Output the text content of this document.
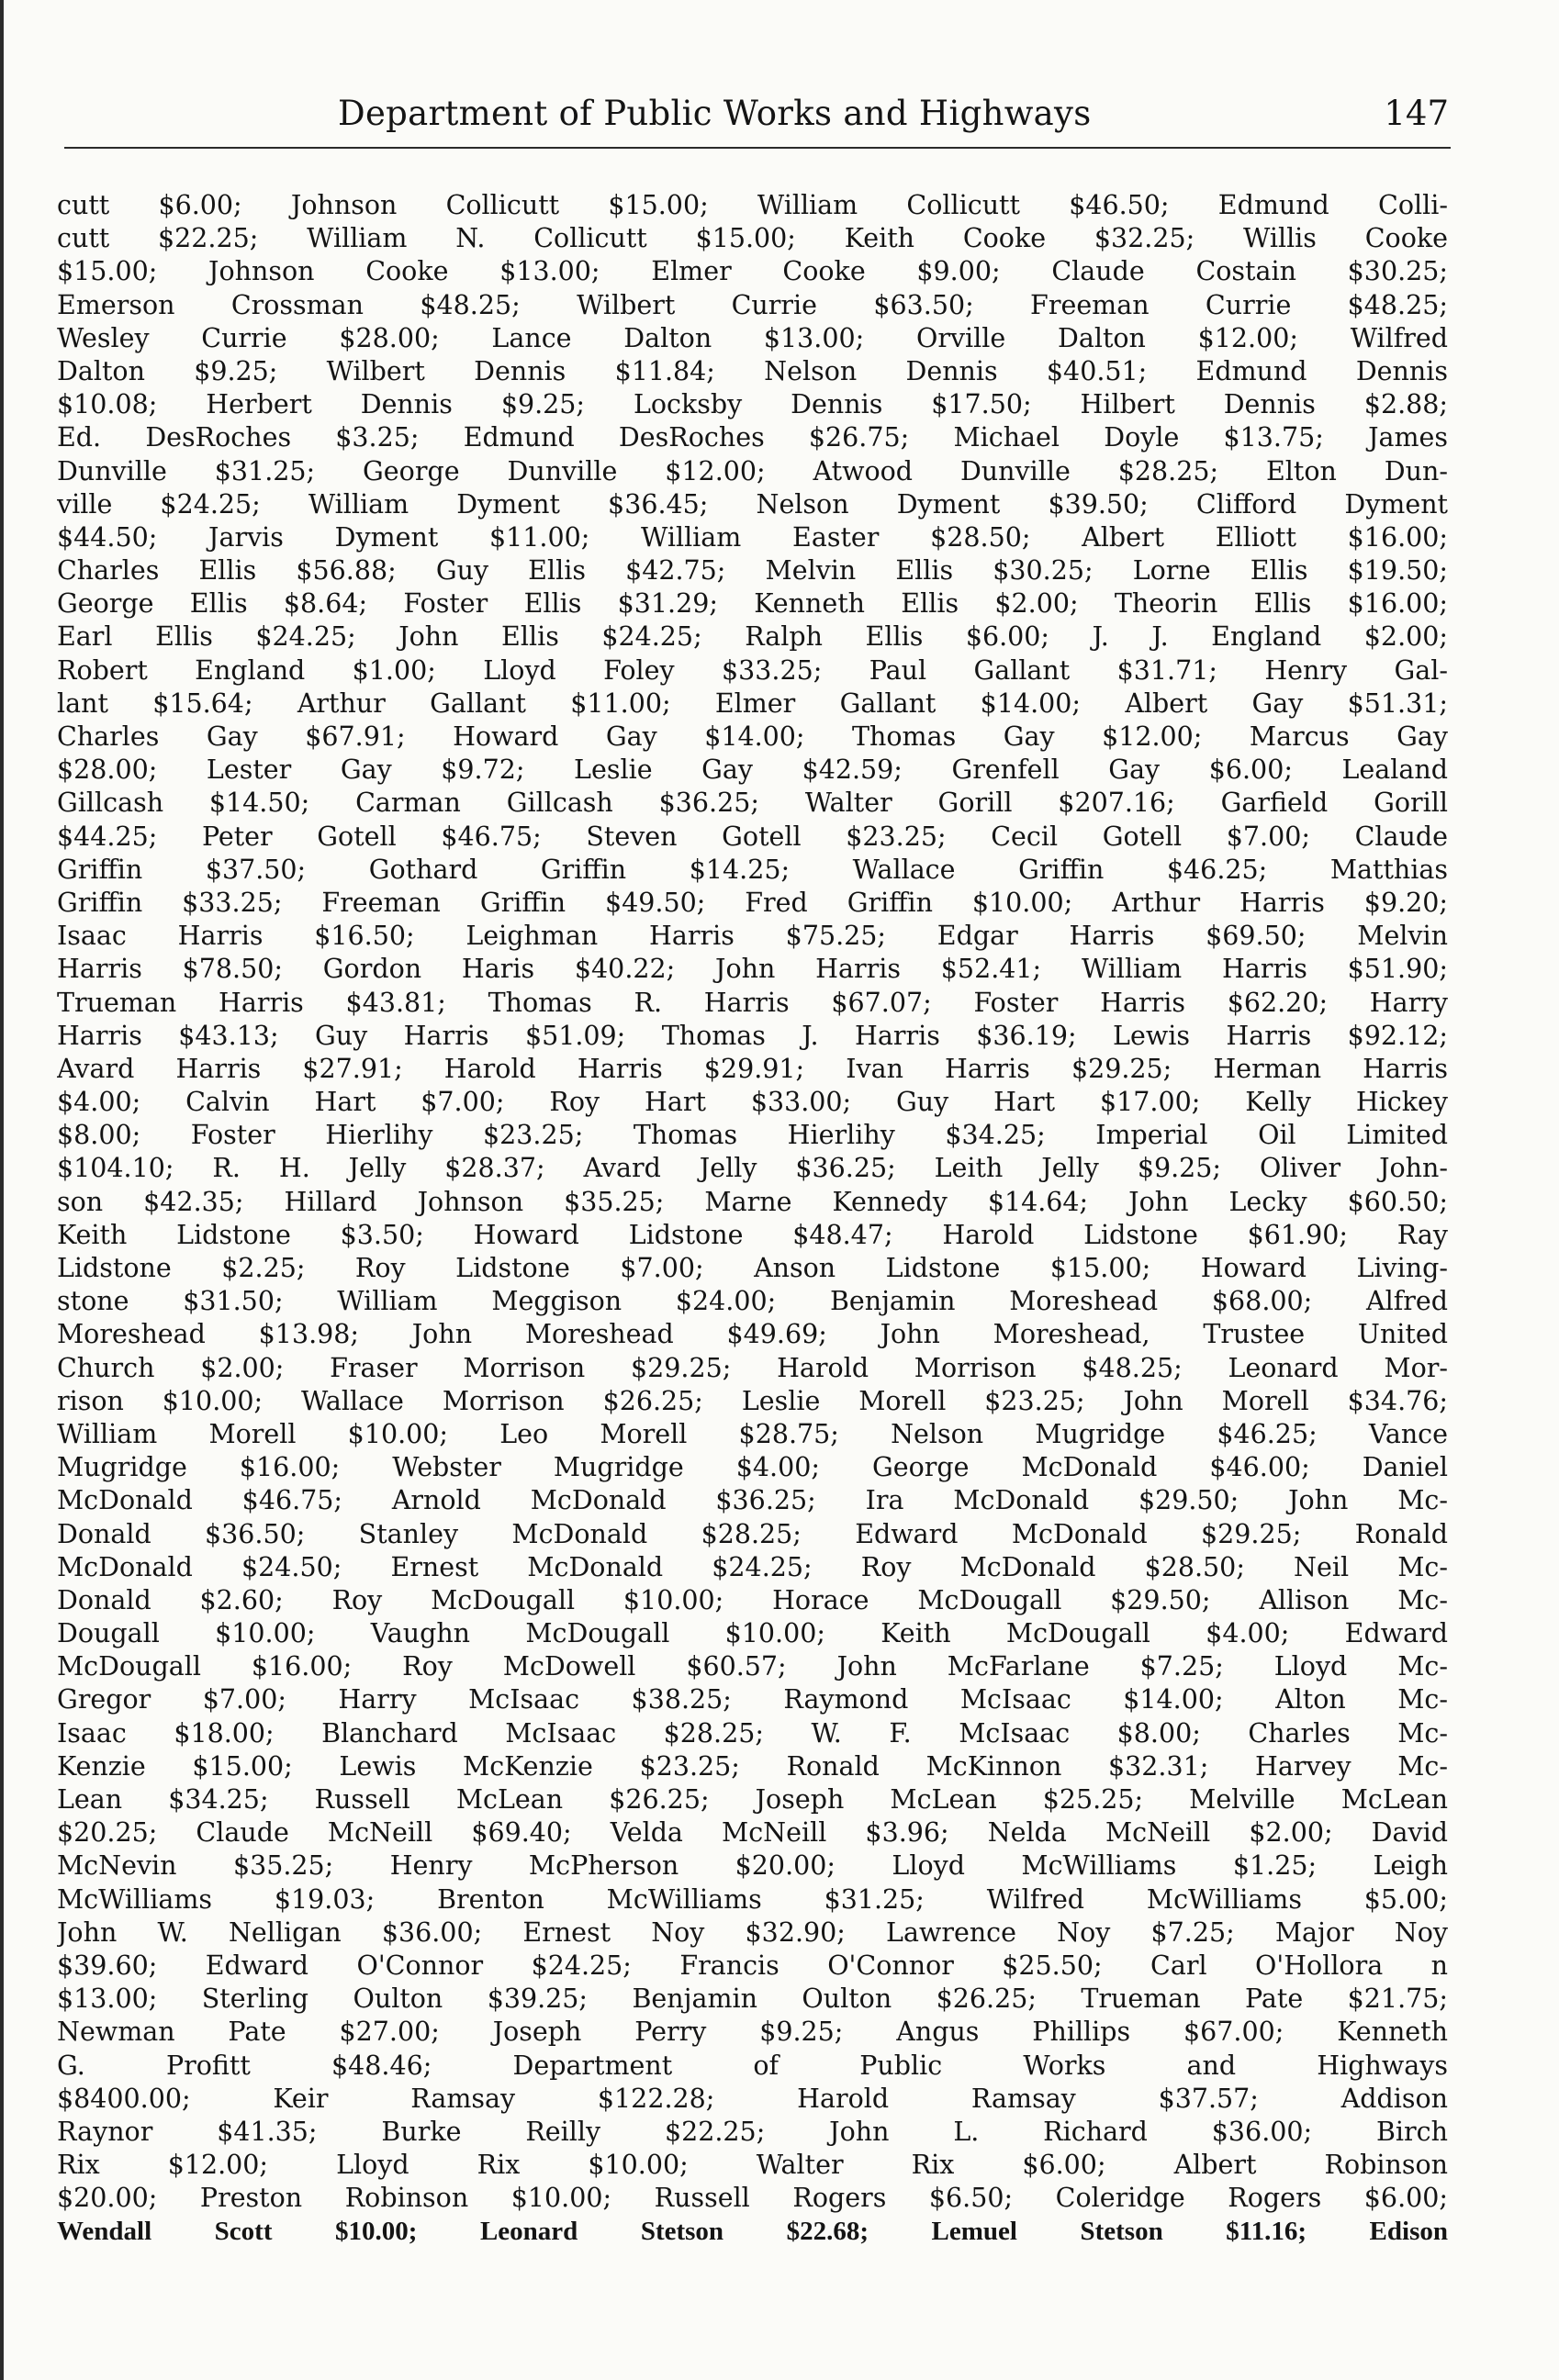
Department of Public Works and Highways	147
cutt $6.00; Johnson Collicutt $15.00; William Collicutt $46.50; Edmund Colli-
cutt $22.25; William N. Collicutt $15.00; Keith Cooke $32.25; Willis Cooke
$15.00; Johnson Cooke $13.00; Elmer Cooke $9.00; Claude Costain $30.25;
Emerson Crossman $48.25; Wilbert Currie $63.50; Freeman Currie $48.25;
Wesley Currie $28.00; Lance Dalton $13.00; Orville Dalton $12.00; Wilfred
Dalton $9.25; Wilbert Dennis $11.84; Nelson Dennis $40.51; Edmund Dennis
$10.08; Herbert Dennis $9.25; Locksby Dennis $17.50; Hilbert Dennis $2.88;
Ed. DesRoches $3.25; Edmund DesRoches $26.75; Michael Doyle $13.75; James
Dunville $31.25; George Dunville $12.00; Atwood Dunville $28.25; Elton Dun-
ville $24.25; William Dyment $36.45; Nelson Dyment $39.50; Clifford Dyment
$44.50; Jarvis Dyment $11.00; William Easter $28.50; Albert Elliott $16.00;
Charles Ellis $56.88; Guy Ellis $42.75; Melvin Ellis $30.25; Lorne Ellis $19.50;
George Ellis $8.64; Foster Ellis $31.29; Kenneth Ellis $2.00; Theorin Ellis $16.00;
Earl Ellis $24.25; John Ellis $24.25; Ralph Ellis $6.00; J. J. England $2.00;
Robert England $1.00; Lloyd Foley $33.25; Paul Gallant $31.71; Henry Gal-
lant $15.64; Arthur Gallant $11.00; Elmer Gallant $14.00; Albert Gay $51.31;
Charles Gay $67.91; Howard Gay $14.00; Thomas Gay $12.00; Marcus Gay
$28.00; Lester Gay $9.72; Leslie Gay $42.59; Grenfell Gay $6.00; Lealand
Gillcash $14.50; Carman Gillcash $36.25; Walter Gorill $207.16; Garfield Gorill
$44.25; Peter Gotell $46.75; Steven Gotell $23.25; Cecil Gotell $7.00; Claude
Griffin $37.50; Gothard Griffin $14.25; Wallace Griffin $46.25; Matthias
Griffin $33.25; Freeman Griffin $49.50; Fred Griffin $10.00; Arthur Harris $9.20;
Isaac Harris $16.50; Leighman Harris $75.25; Edgar Harris $69.50; Melvin
Harris $78.50; Gordon Haris $40.22; John Harris $52.41; William Harris $51.90;
Trueman Harris $43.81; Thomas R. Harris $67.07; Foster Harris $62.20; Harry
Harris $43.13; Guy Harris $51.09; Thomas J. Harris $36.19; Lewis Harris $92.12;
Avard Harris $27.91; Harold Harris $29.91; Ivan Harris $29.25; Herman Harris
$4.00; Calvin Hart $7.00; Roy Hart $33.00; Guy Hart $17.00; Kelly Hickey
$8.00; Foster Hierlihy $23.25; Thomas Hierlihy $34.25; Imperial Oil Limited
$104.10; R. H. Jelly $28.37; Avard Jelly $36.25; Leith Jelly $9.25; Oliver John-
son $42.35; Hillard Johnson $35.25; Marne Kennedy $14.64; John Lecky $60.50;
Keith Lidstone $3.50; Howard Lidstone $48.47; Harold Lidstone $61.90; Ray
Lidstone $2.25; Roy Lidstone $7.00; Anson Lidstone $15.00; Howard Living-
stone $31.50; William Meggison $24.00; Benjamin Moreshead $68.00; Alfred
Moreshead $13.98; John Moreshead $49.69; John Moreshead, Trustee United
Church $2.00; Fraser Morrison $29.25; Harold Morrison $48.25; Leonard Mor-
rison $10.00; Wallace Morrison $26.25; Leslie Morell $23.25; John Morell $34.76;
William Morell $10.00; Leo Morell $28.75; Nelson Mugridge $46.25; Vance
Mugridge $16.00; Webster Mugridge $4.00; George McDonald $46.00; Daniel
McDonald $46.75; Arnold McDonald $36.25; Ira McDonald $29.50; John Mc-
Donald $36.50; Stanley McDonald $28.25; Edward McDonald $29.25; Ronald
McDonald $24.50; Ernest McDonald $24.25; Roy McDonald $28.50; Neil Mc-
Donald $2.60; Roy McDougall $10.00; Horace McDougall $29.50; Allison Mc-
Dougall $10.00; Vaughn McDougall $10.00; Keith McDougall $4.00; Edward
McDougall $16.00; Roy McDowell $60.57; John McFarlane $7.25; Lloyd Mc-
Gregor $7.00; Harry McIsaac $38.25; Raymond McIsaac $14.00; Alton Mc-
Isaac $18.00; Blanchard McIsaac $28.25; W. F. McIsaac $8.00; Charles Mc-
Kenzie $15.00; Lewis McKenzie $23.25; Ronald McKinnon $32.31; Harvey Mc-
Lean $34.25; Russell McLean $26.25; Joseph McLean $25.25; Melville McLean
$20.25; Claude McNeill $69.40; Velda McNeill $3.96; Nelda McNeill $2.00; David
McNevin $35.25; Henry McPherson $20.00; Lloyd McWilliams $1.25; Leigh
McWilliams $19.03; Brenton McWilliams $31.25; Wilfred McWilliams $5.00;
John W. Nelligan $36.00; Ernest Noy $32.90; Lawrence Noy $7.25; Major Noy
$39.60; Edward O'Connor $24.25; Francis O'Connor $25.50; Carl O'Hollora n
$13.00; Sterling Oulton $39.25; Benjamin Oulton $26.25; Trueman Pate $21.75;
Newman Pate $27.00; Joseph Perry $9.25; Angus Phillips $67.00; Kenneth
G. Profitt $48.46; Department of Public Works and Highways
$8400.00; Keir Ramsay $122.28; Harold Ramsay $37.57; Addison
Raynor $41.35; Burke Reilly $22.25; John L. Richard $36.00; Birch
Rix $12.00; Lloyd Rix $10.00; Walter Rix $6.00; Albert Robinson
$20.00; Preston Robinson $10.00; Russell Rogers $6.50; Coleridge Rogers $6.00;
Wendall Scott $10.00; Leonard Stetson $22.68; Lemuel Stetson $11.16; Edison
